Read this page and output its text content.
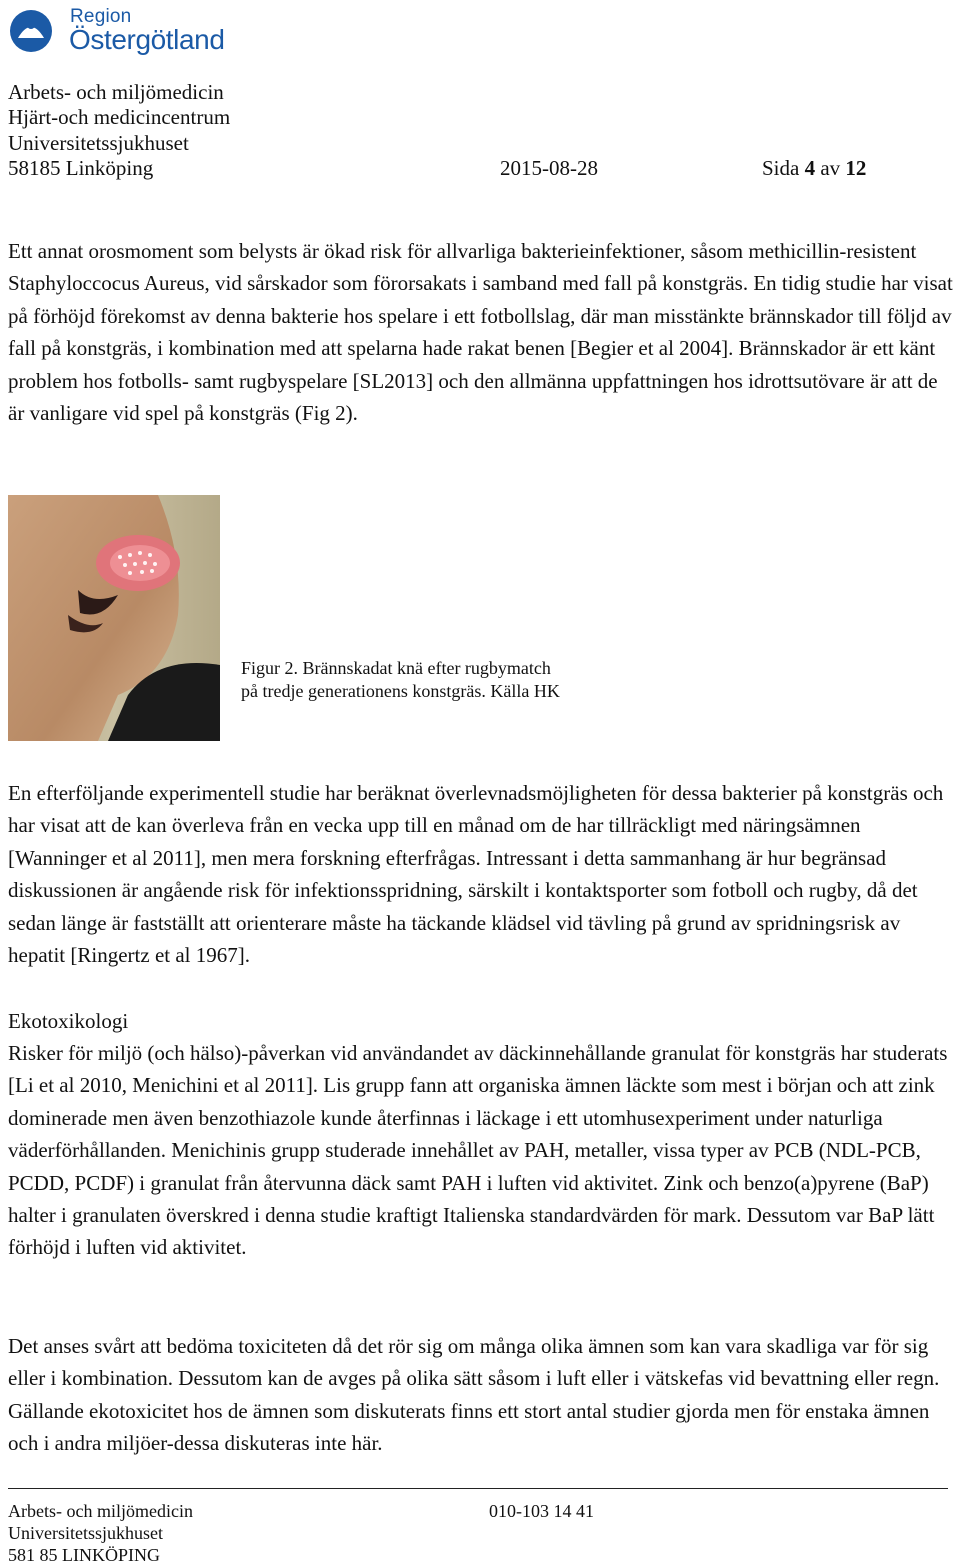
Region
Östergötland
Arbets- och miljömedicin
Hjärt-och medicincentrum
Universitetssjukhuset
58185 Linköping	2015-08-28	Sida 4 av 12
Ett annat orosmoment som belysts är ökad risk för allvarliga bakterieinfektioner, såsom methicillin-resistent Staphyloccocus Aureus, vid sårskador som förorsakats i samband med fall på konstgräs. En tidig studie har visat på förhöjd förekomst av denna bakterie hos spelare i ett fotbollslag, där man misstänkte brännskador till följd av fall på konstgräs, i kombination med att spelarna hade rakat benen [Begier et al 2004]. Brännskador är ett känt problem hos fotbolls- samt rugbyspelare [SL2013] och den allmänna uppfattningen hos idrottsutövare är att de är vanligare vid spel på konstgräs (Fig 2).
Figur 2. Brännskadat knä efter rugbymatch på tredje generationens konstgräs. Källa HK
En efterföljande experimentell studie har beräknat överlevnadsmöjligheten för dessa bakterier på konstgräs och har visat att de kan överleva från en vecka upp till en månad om de har tillräckligt med näringsämnen [Wanninger et al 2011], men mera forskning efterfrågas. Intressant i detta sammanhang är hur begränsad diskussionen är angående risk för infektionsspridning, särskilt i kontaktsporter som fotboll och rugby, då det sedan länge är fastställt att orienterare måste ha täckande klädsel vid tävling på grund av spridningsrisk av hepatit [Ringertz et al 1967].
Ekotoxikologi
Risker för miljö (och hälso)-påverkan vid användandet av däckinnehållande granulat för konstgräs har studerats [Li et al 2010, Menichini et al 2011]. Lis grupp fann att organiska ämnen läckte som mest i början och att zink dominerade men även benzothiazole kunde återfinnas i läckage i ett utomhusexperiment under naturliga väderförhållanden. Menichinis grupp studerade innehållet av PAH, metaller, vissa typer av PCB (NDL-PCB, PCDD, PCDF) i granulat från återvunna däck samt PAH i luften vid aktivitet. Zink och benzo(a)pyrene (BaP) halter i granulaten överskred i denna studie kraftigt Italienska standardvärden för mark. Dessutom var BaP lätt förhöjd i luften vid aktivitet.
Det anses svårt att bedöma toxiciteten då det rör sig om många olika ämnen som kan vara skadliga var för sig eller i kombination. Dessutom kan de avges på olika sätt såsom i luft eller i vätskefas vid bevattning eller regn. Gällande ekotoxicitet hos de ämnen som diskuterats finns ett stort antal studier gjorda men för enstaka ämnen och i andra miljöer-dessa diskuteras inte här.
Arbets- och miljömedicin
Universitetssjukhuset
581 85 LINKÖPING
010-103 14 41
